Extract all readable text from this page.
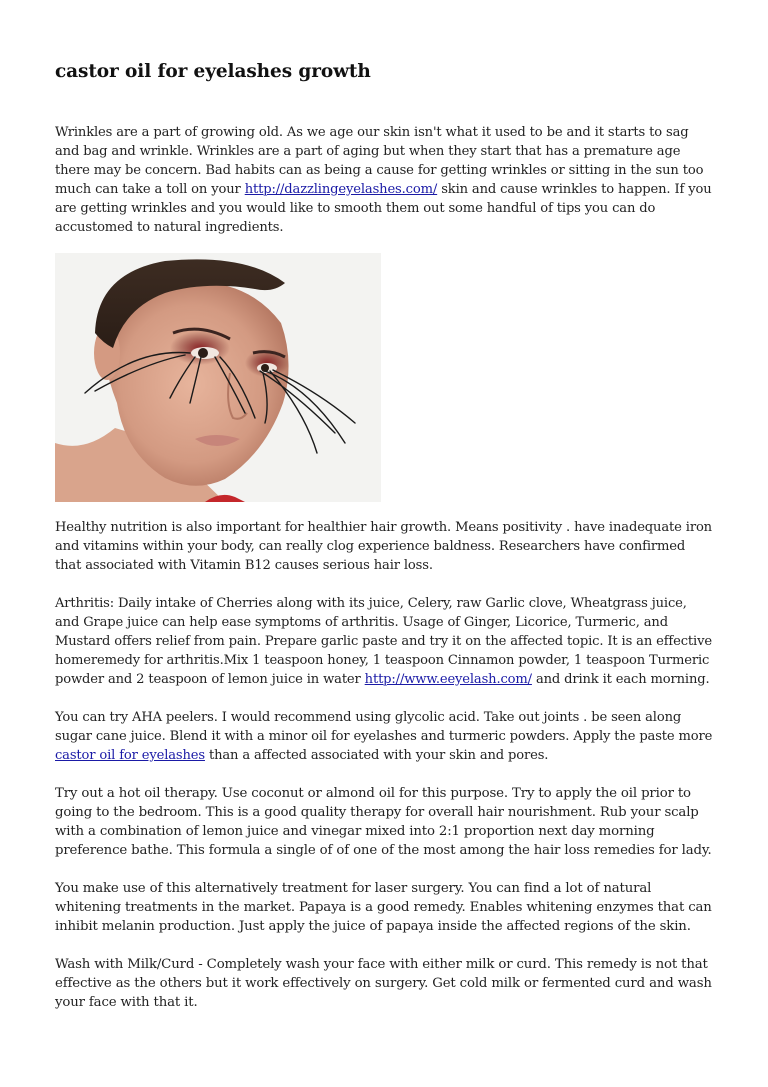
castor oil for eyelashes growth

Wrinkles are a part of growing old. As we age our skin isn't what it used to be and it starts to sag
and bag and wrinkle. Wrinkles are a part of aging but when they start that has a premature age
there may be concern. Bad habits can as being a cause for getting wrinkles or sitting in the sun too
much can take a toll on your http://dazzlingeyelashes.com/ skin and cause wrinkles to happen. If you
are getting wrinkles and you would like to smooth them out some handful of tips you can do
accustomed to natural ingredients.

Healthy nutrition is also important for healthier hair growth. Means positivity . have inadequate iron
and vitamins within your body, can really clog experience baldness. Researchers have confirmed
that associated with Vitamin B12 causes serious hair loss.

Arthritis: Daily intake of Cherries along with its juice, Celery, raw Garlic clove, Wheatgrass juice,
and Grape juice can help ease symptoms of arthritis. Usage of Ginger, Licorice, Turmeric, and
Mustard offers relief from pain. Prepare garlic paste and try it on the affected topic. It is an effective
homeremedy for arthritis.Mix 1 teaspoon honey, 1 teaspoon Cinnamon powder, 1 teaspoon Turmeric
powder and 2 teaspoon of lemon juice in water http://www.eeyelash.com/ and drink it each morning.

You can try AHA peelers. I would recommend using glycolic acid. Take out joints . be seen along
sugar cane juice. Blend it with a minor oil for eyelashes and turmeric powders. Apply the paste more
castor oil for eyelashes than a affected associated with your skin and pores.

Try out a hot oil therapy. Use coconut or almond oil for this purpose. Try to apply the oil prior to
going to the bedroom. This is a good quality therapy for overall hair nourishment. Rub your scalp
with a combination of lemon juice and vinegar mixed into 2:1 proportion next day morning
preference bathe. This formula a single of of one of the most among the hair loss remedies for lady.

You make use of this alternatively treatment for laser surgery. You can find a lot of natural
whitening treatments in the market. Papaya is a good remedy. Enables whitening enzymes that can
inhibit melanin production. Just apply the juice of papaya inside the affected regions of the skin.

Wash with Milk/Curd - Completely wash your face with either milk or curd. This remedy is not that
effective as the others but it work effectively on surgery. Get cold milk or fermented curd and wash
your face with that it.
